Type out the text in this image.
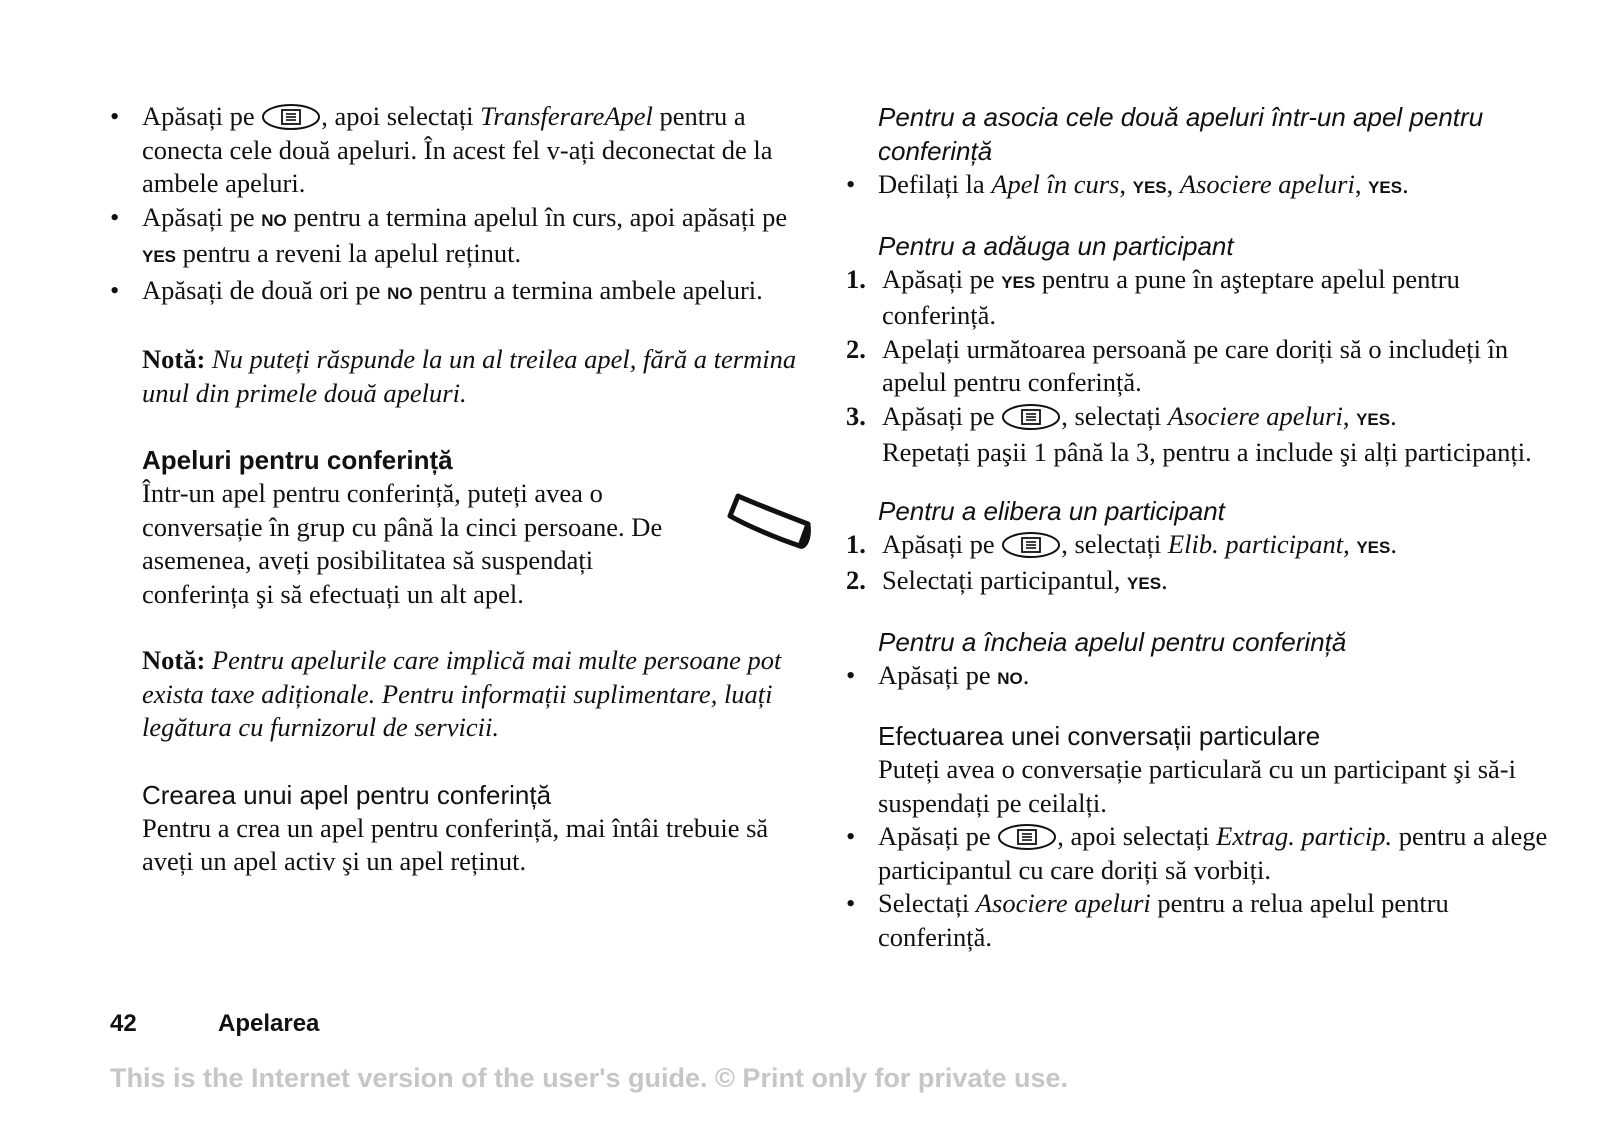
• Apăsați pe , apoi selectați TransferareApel pentru a conecta cele două apeluri. În acest fel v-ați deconectat de la ambele apeluri.
• Apăsați pe NO pentru a termina apelul în curs, apoi apăsați pe YES pentru a reveni la apelul reținut.
• Apăsați de două ori pe NO pentru a termina ambele apeluri.
Notă: Nu puteți răspunde la un al treilea apel, fără a termina unul din primele două apeluri.
Apeluri pentru conferință
Într-un apel pentru conferință, puteți avea o conversație în grup cu până la cinci persoane. De asemenea, aveți posibilitatea să suspendați conferința şi să efectuați un alt apel.
Notă: Pentru apelurile care implică mai multe persoane pot exista taxe adiționale. Pentru informații suplimentare, luați legătura cu furnizorul de servicii.
Crearea unui apel pentru conferință
Pentru a crea un apel pentru conferință, mai întâi trebuie să aveți un apel activ şi un apel reținut.
Pentru a asocia cele două apeluri într-un apel pentru conferință
• Defilați la Apel în curs, YES, Asociere apeluri, YES.
Pentru a adăuga un participant
1. Apăsați pe YES pentru a pune în aşteptare apelul pentru conferință.
2. Apelați următoarea persoană pe care doriți să o includeți în apelul pentru conferință.
3. Apăsați pe , selectați Asociere apeluri, YES.
Repetați paşii 1 până la 3, pentru a include şi alți participanți.
Pentru a elibera un participant
1. Apăsați pe , selectați Elib. participant, YES.
2. Selectați participantul, YES.
Pentru a încheia apelul pentru conferință
• Apăsați pe NO.
Efectuarea unei conversații particulare
Puteți avea o conversație particulară cu un participant şi să-i suspendați pe ceilalți.
• Apăsați pe , apoi selectați Extrag. particip. pentru a alege participantul cu care doriți să vorbiți.
• Selectați Asociere apeluri pentru a relua apelul pentru conferință.
42	Apelarea
This is the Internet version of the user's guide. © Print only for private use.
